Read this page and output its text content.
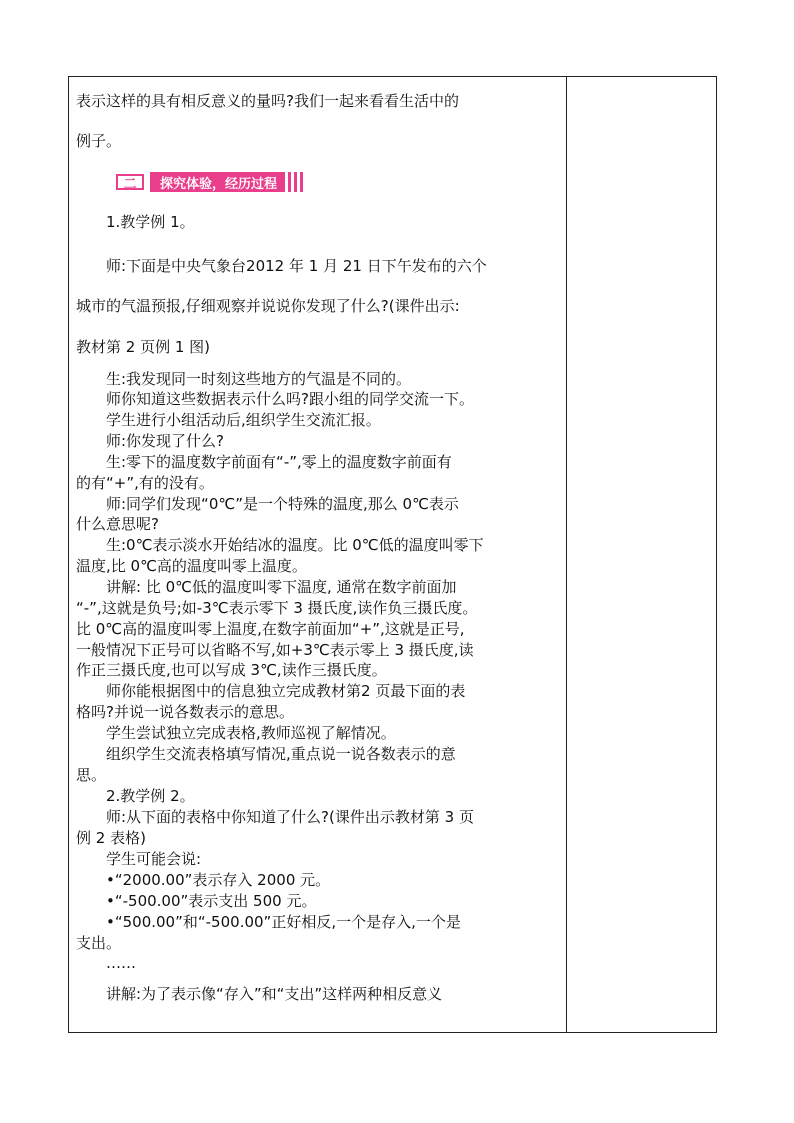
表示这样的具有相反意义的量吗?我们一起来看看生活中的
例子。
二	探究体验，经历过程
1.教学例 1。
师:下面是中央气象台2012 年 1 月 21 日下午发布的六个
城市的气温预报,仔细观察并说说你发现了什么?(课件出示:
教材第 2 页例 1 图)
生:我发现同一时刻这些地方的气温是不同的。
师你知道这些数据表示什么吗?跟小组的同学交流一下。
学生进行小组活动后,组织学生交流汇报。
师:你发现了什么?
生:零下的温度数字前面有“-”,零上的温度数字前面有
的有“+”,有的没有。
师:同学们发现“0℃”是一个特殊的温度,那么 0℃表示
什么意思呢?
生:0℃表示淡水开始结冰的温度。比 0℃低的温度叫零下
温度,比 0℃高的温度叫零上温度。
讲解: 比 0℃低的温度叫零下温度, 通常在数字前面加
“-”,这就是负号;如-3℃表示零下 3 摄氏度,读作负三摄氏度。
比 0℃高的温度叫零上温度,在数字前面加“+”,这就是正号,
一般情况下正号可以省略不写,如+3℃表示零上 3 摄氏度,读
作正三摄氏度,也可以写成 3℃,读作三摄氏度。
师你能根据图中的信息独立完成教材第2 页最下面的表
格吗?并说一说各数表示的意思。
学生尝试独立完成表格,教师巡视了解情况。
组织学生交流表格填写情况,重点说一说各数表示的意
思。
2.教学例 2。
师:从下面的表格中你知道了什么?(课件出示教材第 3 页
例 2 表格)
学生可能会说:
•“2000.00”表示存入 2000 元。
•“-500.00”表示支出 500 元。
•“500.00”和“-500.00”正好相反,一个是存入,一个是
支出。
……
讲解:为了表示像“存入”和“支出”这样两种相反意义
